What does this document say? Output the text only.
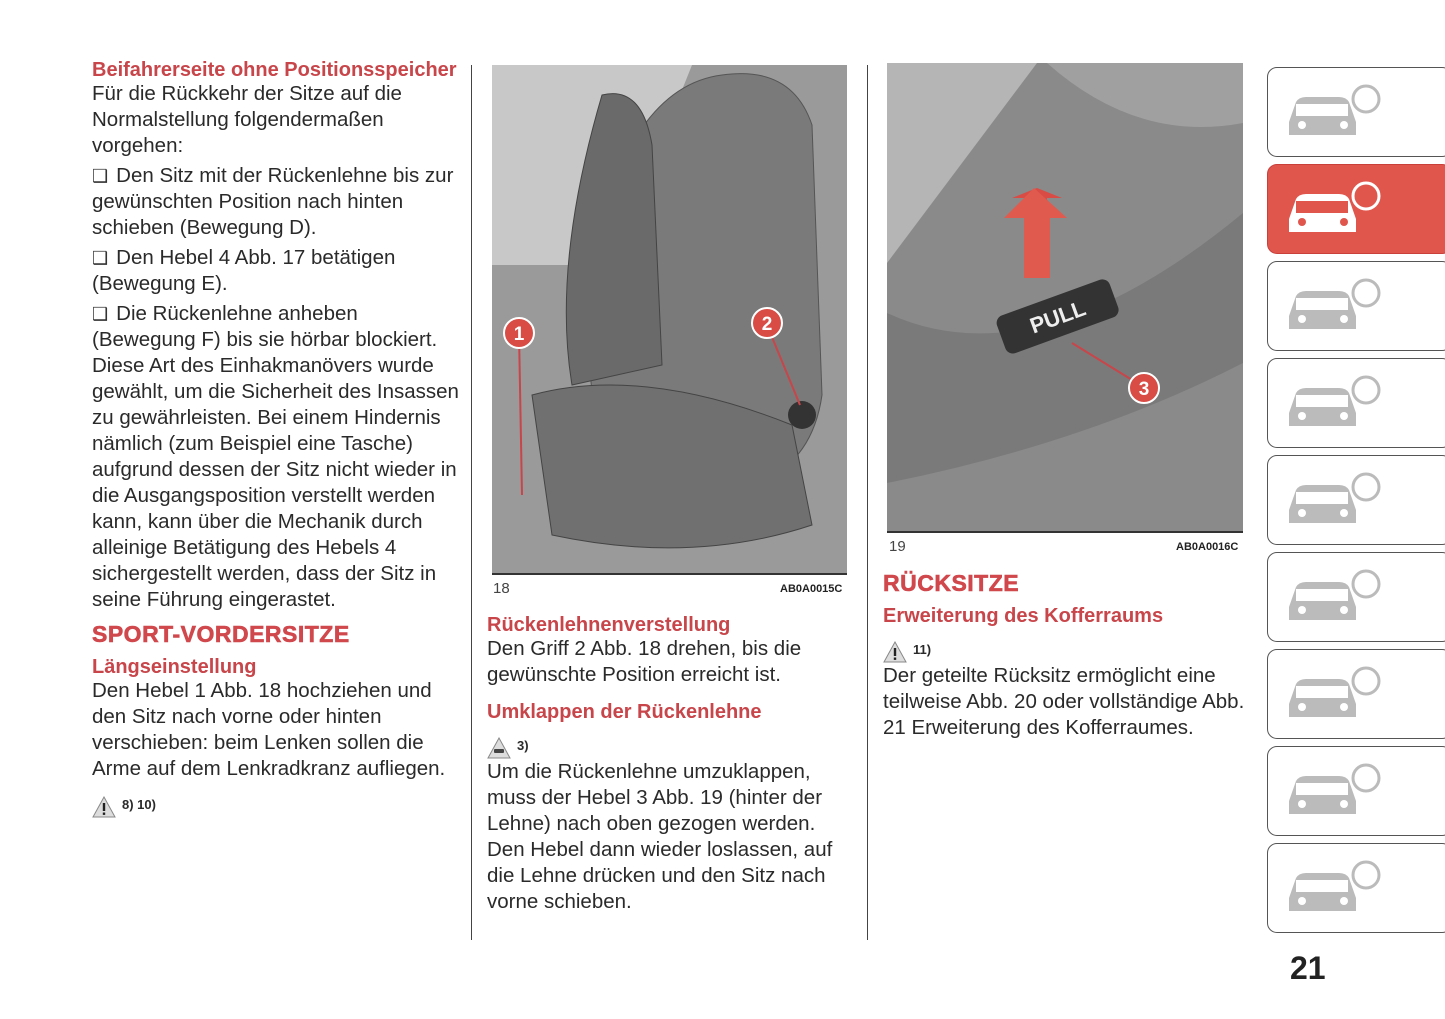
Beifahrerseite ohne Positionsspeicher

Für die Rückkehr der Sitze auf die Normalstellung folgendermaßen vorgehen:

❑ Den Sitz mit der Rückenlehne bis zur gewünschten Position nach hinten schieben (Bewegung D).

❑ Den Hebel 4 Abb. 17 betätigen (Bewegung E).

❑ Die Rückenlehne anheben (Bewegung F) bis sie hörbar blockiert. Diese Art des Einhakmanövers wurde gewählt, um die Sicherheit des Insassen zu gewährleisten. Bei einem Hindernis nämlich (zum Beispiel eine Tasche) aufgrund dessen der Sitz nicht wieder in die Ausgangsposition verstellt werden kann, kann über die Mechanik durch alleinige Betätigung des Hebels 4 sichergestellt werden, dass der Sitz in seine Führung eingerastet.

SPORT-VORDERSITZE
Längseinstellung

Den Hebel 1 Abb. 18 hochziehen und den Sitz nach vorne oder hinten verschieben: beim Lenken sollen die Arme auf dem Lenkradkranz aufliegen.

8) 10)
1	2
18	AB0A0015C
PULL
3
19	AB0A0016C
Rückenlehnenverstellung

Den Griff 2 Abb. 18 drehen, bis die gewünschte Position erreicht ist.

Umklappen der Rückenlehne
3)

Um die Rückenlehne umzuklappen, muss der Hebel 3 Abb. 19 (hinter der Lehne) nach oben gezogen werden. Den Hebel dann wieder loslassen, auf die Lehne drücken und den Sitz nach vorne schieben.

RÜCKSITZE
Erweiterung des Kofferraums
11)

Der geteilte Rücksitz ermöglicht eine teilweise Abb. 20 oder vollständige Abb. 21 Erweiterung des Kofferraumes.

21
